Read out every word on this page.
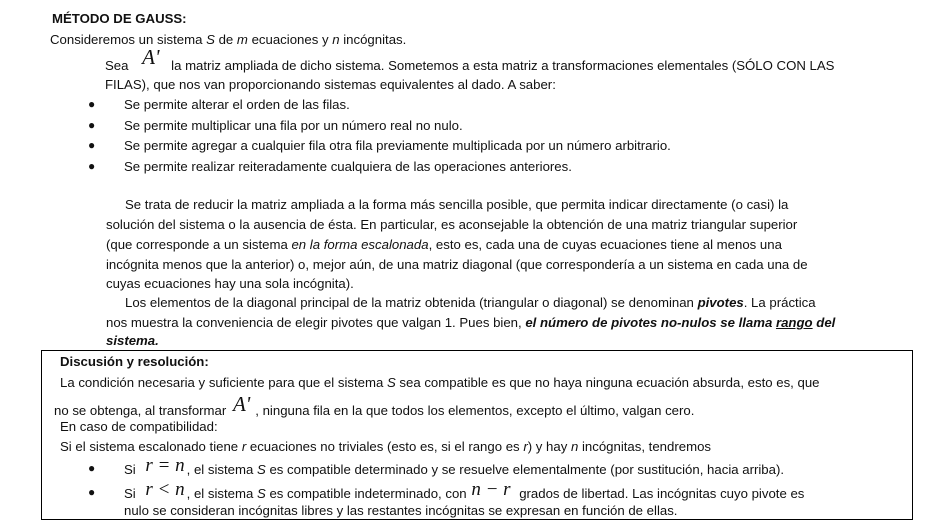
MÉTODO DE GAUSS:
Consideremos un sistema S de m ecuaciones y n incógnitas.
Sea A' la matriz ampliada de dicho sistema. Sometemos a esta matriz a transformaciones elementales (SÓLO CON LAS
FILAS), que nos van proporcionando sistemas equivalentes al dado. A saber:
● Se permite alterar el orden de las filas.
● Se permite multiplicar una fila por un número real no nulo.
● Se permite agregar a cualquier fila otra fila previamente multiplicada por un número arbitrario.
● Se permite realizar reiteradamente cualquiera de las operaciones anteriores.
Se trata de reducir la matriz ampliada a la forma más sencilla posible, que permita indicar directamente (o casi) la
solución del sistema o la ausencia de ésta. En particular, es aconsejable la obtención de una matriz triangular superior
(que corresponde a un sistema en la forma escalonada, esto es, cada una de cuyas ecuaciones tiene al menos una
incógnita menos que la anterior) o, mejor aún, de una matriz diagonal (que correspondería a un sistema en cada una de
cuyas ecuaciones hay una sola incógnita).
Los elementos de la diagonal principal de la matriz obtenida (triangular o diagonal) se denominan pivotes. La práctica
nos muestra la conveniencia de elegir pivotes que valgan 1. Pues bien, el número de pivotes no-nulos se llama rango del
sistema.
Discusión y resolución:
La condición necesaria y suficiente para que el sistema S sea compatible es que no haya ninguna ecuación absurda, esto es, que
no se obtenga, al transformar A' , ninguna fila en la que todos los elementos, excepto el último, valgan cero.
En caso de compatibilidad:
Si el sistema escalonado tiene r ecuaciones no triviales (esto es, si el rango es r) y hay n incógnitas, tendremos
● Si r = n , el sistema S es compatible determinado y se resuelve elementalmente (por sustitución, hacia arriba).
● Si r < n , el sistema S es compatible indeterminado, con n − r grados de libertad. Las incógnitas cuyo pivote es
nulo se consideran incógnitas libres y las restantes incógnitas se expresan en función de ellas.
